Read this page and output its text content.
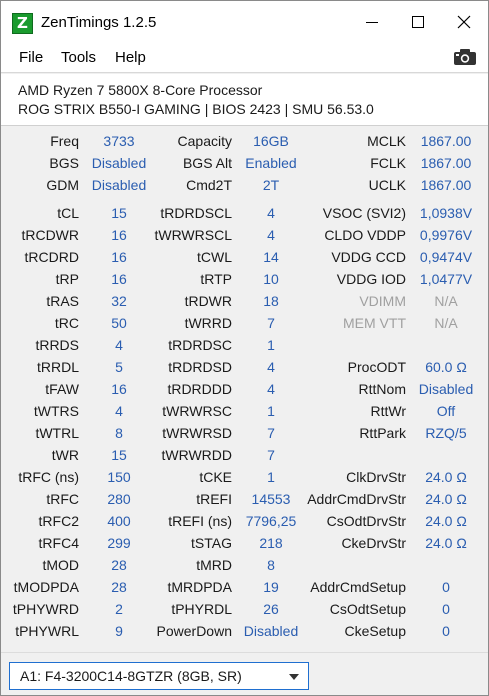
Z ZenTimings 1.2.5
File Tools Help
AMD Ryzen 7 5800X 8-Core Processor
ROG STRIX B550-I GAMING | BIOS 2423 | SMU 56.53.0
Freq	3733	Capacity	16GB	MCLK	1867.00
BGS Disabled	BGS Alt Enabled	FCLK	1867.00
GDM Disabled	Cmd2T	2T	UCLK	1867.00
tCL	15	tRDRDSCL	4	VSOC (SVI2) 1,0938V
tRCDWR	16	tWRWRSCL	4	CLDO VDDP 0,9976V
tRCDRD	16	tCWL	14	VDDG CCD 0,9474V
tRP	16	tRTP	10	VDDG IOD 1,0477V
tRAS	32	tRDWR	18	VDIMM	N/A
tRC	50	tWRRD	7	MEM VTT	N/A
tRRDS	4	tRDRDSC	1
tRRDL	5	tRDRDSD	4	ProcODT	60.0 Ω
tFAW	16	tRDRDDD	4	RttNom Disabled
tWTRS	4	tWRWRSC	1	RttWr	Off
tWTRL	8	tWRWRSD	7	RttPark	RZQ/5
tWR	15	tWRWRDD	7
tRFC (ns)	150	tCKE	1	ClkDrvStr	24.0 Ω
tRFC	280	tREFI	14553	AddrCmdDrvStr	24.0 Ω
tRFC2	400	tREFI (ns) 7796,25	CsOdtDrvStr	24.0 Ω
tRFC4	299	tSTAG	218	CkeDrvStr	24.0 Ω
tMOD	28	tMRD	8
tMODPDA	28	tMRDPDA	19	AddrCmdSetup	0
tPHYWRD	2	tPHYRDL	26	CsOdtSetup	0
tPHYWRL	9	PowerDown Disabled	CkeSetup	0
A1: F4-3200C14-8GTZR (8GB, SR)
